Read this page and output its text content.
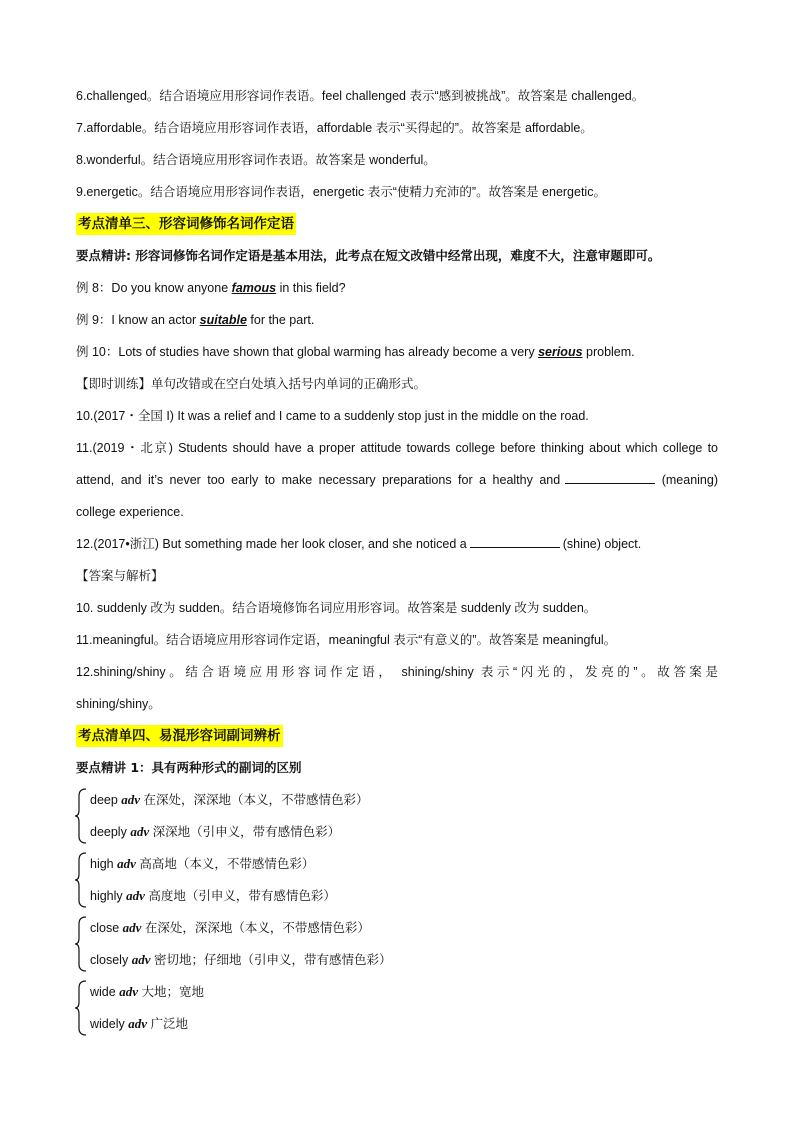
6.challenged。结合语境应用形容词作表语。feel challenged 表示“感到被挑战”。故答案是 challenged。
7.affordable。结合语境应用形容词作表语，affordable 表示“买得起的”。故答案是 affordable。
8.wonderful。结合语境应用形容词作表语。故答案是 wonderful。
9.energetic。结合语境应用形容词作表语，energetic 表示“使精力充沛的”。故答案是 energetic。
考点清单三、形容词修饰名词作定语
要点精讲: 形容词修饰名词作定语是基本用法，此考点在短文改错中经常出现，难度不大，注意审题即可。
例 8：Do you know anyone famous in this field?
例 9：I know an actor suitable for the part.
例 10：Lots of studies have shown that global warming has already become a very serious problem.
【即时训练】单句改错或在空白处填入括号内单词的正确形式。
10.(2017・全国 I) It was a relief and I came to a suddenly stop just in the middle on the road.
11.(2019・北京) Students should have a proper attitude towards college before thinking about which college to
attend, and it’s never too early to make necessary preparations for a healthy and	(meaning)
college experience.
12.(2017•浙江) But something made her look closer, and she noticed a	(shine) object.
【答案与解析】
10. suddenly 改为 sudden。结合语境修饰名词应用形容词。故答案是 suddenly 改为 sudden。
11.meaningful。结合语境应用形容词作定语，meaningful 表示“有意义的”。故答案是 meaningful。
12.shining/shiny。结合语境应用形容词作定语， shining/shiny 表示“闪光的，发亮的”。故答案是
shining/shiny。
考点清单四、易混形容词副词辨析
要点精讲 1：具有两种形式的副词的区别
deep adv 在深处，深深地（本义，不带感情色彩）
deeply adv 深深地（引申义，带有感情色彩）
high adv 高高地（本义，不带感情色彩）
highly adv 高度地（引申义，带有感情色彩）
close adv 在深处，深深地（本义，不带感情色彩）
closely adv 密切地；仔细地（引申义，带有感情色彩）
wide adv 大地；宽地
widely adv 广泛地
